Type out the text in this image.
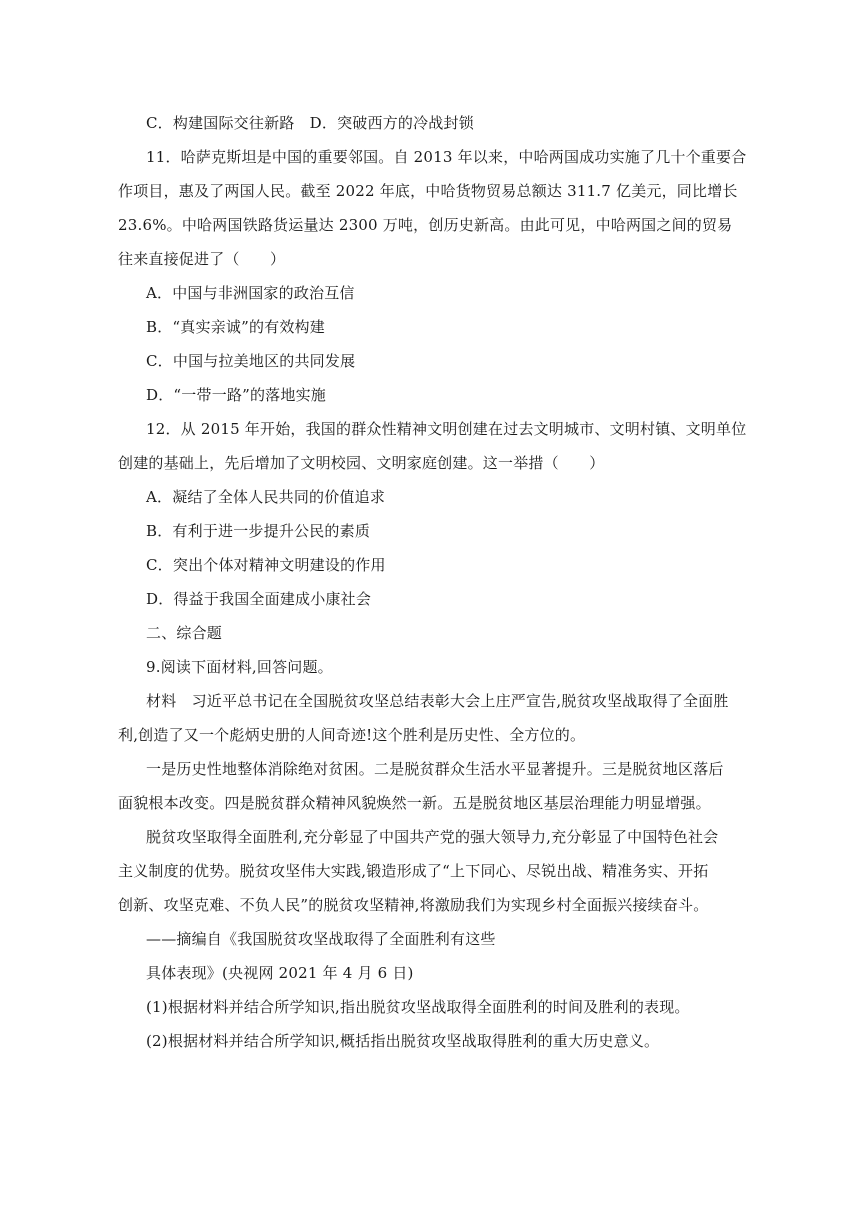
C．构建国际交往新路　D．突破西方的冷战封锁
11．哈萨克斯坦是中国的重要邻国。自 2013 年以来，中哈两国成功实施了几十个重要合
作项目，惠及了两国人民。截至 2022 年底，中哈货物贸易总额达 311.7 亿美元，同比增长
23.6%。中哈两国铁路货运量达 2300 万吨，创历史新高。由此可见，中哈两国之间的贸易
往来直接促进了（　　）
A．中国与非洲国家的政治互信
B．“真实亲诚”的有效构建
C．中国与拉美地区的共同发展
D．“一带一路”的落地实施
12．从 2015 年开始，我国的群众性精神文明创建在过去文明城市、文明村镇、文明单位
创建的基础上，先后增加了文明校园、文明家庭创建。这一举措（　　）
A．凝结了全体人民共同的价值追求
B．有利于进一步提升公民的素质
C．突出个体对精神文明建设的作用
D．得益于我国全面建成小康社会
二、综合题
9.阅读下面材料,回答问题。
材料　习近平总书记在全国脱贫攻坚总结表彰大会上庄严宣告,脱贫攻坚战取得了全面胜
利,创造了又一个彪炳史册的人间奇迹!这个胜利是历史性、全方位的。
一是历史性地整体消除绝对贫困。二是脱贫群众生活水平显著提升。三是脱贫地区落后
面貌根本改变。四是脱贫群众精神风貌焕然一新。五是脱贫地区基层治理能力明显增强。
脱贫攻坚取得全面胜利,充分彰显了中国共产党的强大领导力,充分彰显了中国特色社会
主义制度的优势。脱贫攻坚伟大实践,锻造形成了“上下同心、尽锐出战、精准务实、开拓
创新、攻坚克难、不负人民”的脱贫攻坚精神,将激励我们为实现乡村全面振兴接续奋斗。
——摘编自《我国脱贫攻坚战取得了全面胜利有这些
具体表现》(央视网 2021 年 4 月 6 日)
(1)根据材料并结合所学知识,指出脱贫攻坚战取得全面胜利的时间及胜利的表现。
(2)根据材料并结合所学知识,概括指出脱贫攻坚战取得胜利的重大历史意义。
